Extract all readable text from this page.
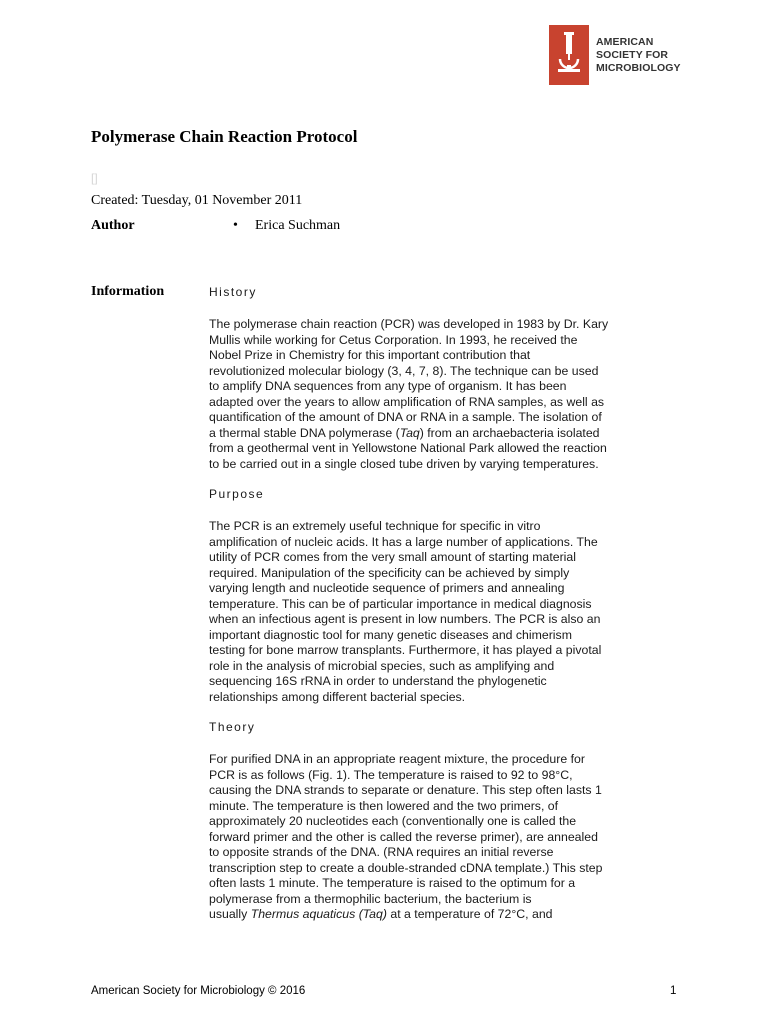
AMERICAN
SOCIETY FOR
MICROBIOLOGY
Polymerase Chain Reaction Protocol
[]
Created: Tuesday, 01 November 2011
Author	• Erica Suchman
Information	History

The polymerase chain reaction (PCR) was developed in 1983 by Dr. Kary
Mullis while working for Cetus Corporation. In 1993, he received the
Nobel Prize in Chemistry for this important contribution that
revolutionized molecular biology (3, 4, 7, 8). The technique can be used
to amplify DNA sequences from any type of organism. It has been
adapted over the years to allow amplification of RNA samples, as well as
quantification of the amount of DNA or RNA in a sample. The isolation of
a thermal stable DNA polymerase (Taq) from an archaebacteria isolated
from a geothermal vent in Yellowstone National Park allowed the reaction
to be carried out in a single closed tube driven by varying temperatures.

Purpose

The PCR is an extremely useful technique for specific in vitro
amplification of nucleic acids. It has a large number of applications. The
utility of PCR comes from the very small amount of starting material
required. Manipulation of the specificity can be achieved by simply
varying length and nucleotide sequence of primers and annealing
temperature. This can be of particular importance in medical diagnosis
when an infectious agent is present in low numbers. The PCR is also an
important diagnostic tool for many genetic diseases and chimerism
testing for bone marrow transplants. Furthermore, it has played a pivotal
role in the analysis of microbial species, such as amplifying and
sequencing 16S rRNA in order to understand the phylogenetic
relationships among different bacterial species.

Theory

For purified DNA in an appropriate reagent mixture, the procedure for
PCR is as follows (Fig. 1). The temperature is raised to 92 to 98°C,
causing the DNA strands to separate or denature. This step often lasts 1
minute. The temperature is then lowered and the two primers, of
approximately 20 nucleotides each (conventionally one is called the
forward primer and the other is called the reverse primer), are annealed
to opposite strands of the DNA. (RNA requires an initial reverse
transcription step to create a double-stranded cDNA template.) This step
often lasts 1 minute. The temperature is raised to the optimum for a
polymerase from a thermophilic bacterium, the bacterium is
usually Thermus aquaticus (Taq) at a temperature of 72°C, and

American Society for Microbiology © 2016	1
